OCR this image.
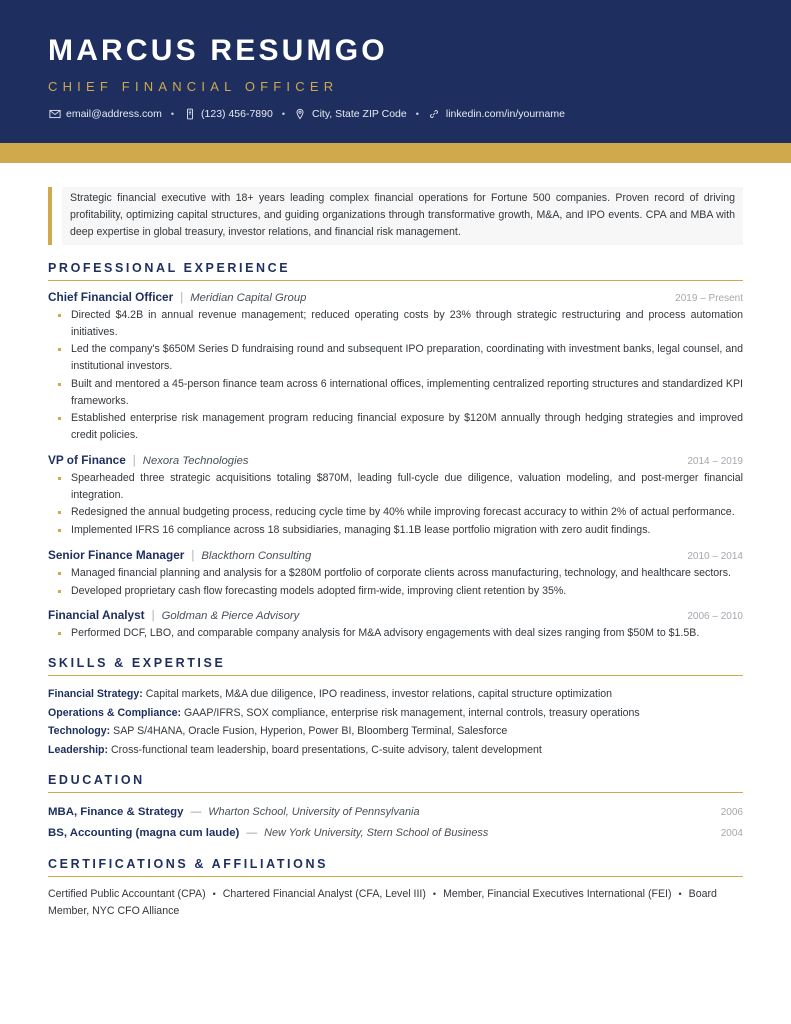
MARCUS RESUMGO
CHIEF FINANCIAL OFFICER
email@address.com •	(123) 456-7890 •	City, State ZIP Code •	linkedin.com/in/yourname
Strategic financial executive with 18+ years leading complex financial operations for Fortune 500 companies. Proven record of driving profitability, optimizing capital structures, and guiding organizations through transformative growth, M&A, and IPO events. CPA and MBA with deep expertise in global treasury, investor relations, and financial risk management.
PROFESSIONAL EXPERIENCE
Chief Financial Officer | Meridian Capital Group	2019 – Present
Directed $4.2B in annual revenue management; reduced operating costs by 23% through strategic restructuring and process automation initiatives.
Led the company's $650M Series D fundraising round and subsequent IPO preparation, coordinating with investment banks, legal counsel, and institutional investors.
Built and mentored a 45-person finance team across 6 international offices, implementing centralized reporting structures and standardized KPI frameworks.
Established enterprise risk management program reducing financial exposure by $120M annually through hedging strategies and improved credit policies.
VP of Finance | Nexora Technologies	2014 – 2019
Spearheaded three strategic acquisitions totaling $870M, leading full-cycle due diligence, valuation modeling, and post-merger financial integration.
Redesigned the annual budgeting process, reducing cycle time by 40% while improving forecast accuracy to within 2% of actual performance.
Implemented IFRS 16 compliance across 18 subsidiaries, managing $1.1B lease portfolio migration with zero audit findings.
Senior Finance Manager | Blackthorn Consulting	2010 – 2014
Managed financial planning and analysis for a $280M portfolio of corporate clients across manufacturing, technology, and healthcare sectors.
Developed proprietary cash flow forecasting models adopted firm-wide, improving client retention by 35%.
Financial Analyst | Goldman & Pierce Advisory	2006 – 2010
Performed DCF, LBO, and comparable company analysis for M&A advisory engagements with deal sizes ranging from $50M to $1.5B.
SKILLS & EXPERTISE
Financial Strategy: Capital markets, M&A due diligence, IPO readiness, investor relations, capital structure optimization
Operations & Compliance: GAAP/IFRS, SOX compliance, enterprise risk management, internal controls, treasury operations
Technology: SAP S/4HANA, Oracle Fusion, Hyperion, Power BI, Bloomberg Terminal, Salesforce
Leadership: Cross-functional team leadership, board presentations, C-suite advisory, talent development
EDUCATION
MBA, Finance & Strategy — Wharton School, University of Pennsylvania	2006
BS, Accounting (magna cum laude) — New York University, Stern School of Business	2004
CERTIFICATIONS & AFFILIATIONS
Certified Public Accountant (CPA) • Chartered Financial Analyst (CFA, Level III) • Member, Financial Executives International (FEI) • Board Member, NYC CFO Alliance
